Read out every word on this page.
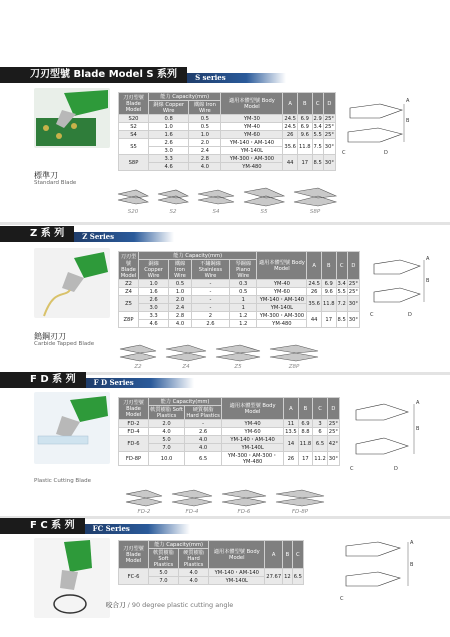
刀刃型號 Blade Model S 系列	S series
標準刀
Standard Blade
刀刃型號 Blade Model	能力 Capacity(mm)		適用本體型號 Body Model	A	B	C	D
	銅線 Copper Wire	鐵線 Iron Wire					
S20	0.8	0.5	YM-30	24.5	6.9	2.9	25°
S2	1.0	0.5	YM-40	24.5	6.9	3.4	25°
S4	1.6	1.0	YM-60	26	9.6	5.5	25°
S5	2.6	2.0	YM-140・AM-140	35.6	11.8	7.5	30°
	3.0	2.4	YM-140L				
S8P	3.3	2.8	YM-300・AM-300	44	17	8.5	30°
	4.6	4.0	YM-480				
A
B
C	D
S20	S2	S4	S5	S8P
Z 系 列	Z Series
鎢鋼刃刀
Carbide Tapped Blade
刀刃型號 Blade Model	能力 Capacity(mm)				適用本體型號 Body Model	A	B	C	D
	銅線 Copper Wire	鐵線 Iron Wire	不鏽鋼線 Stainless Wire	琴鋼線 Piano Wire					
Z2	1.0	0.5	-	0.3	YM-40	24.5	6.9	3.4	25°
Z4	1.6	1.0	-	0.5	YM-60	26	9.6	5.5	25°
Z5	2.6	2.0	-	1	YM-140・AM-140	35.6	11.8	7.2	30°
	3.0	2.4	-	1	YM-140L				
Z8P	3.3	2.8	2	1.2	YM-300・AM-300	44	17	8.5	30°
	4.6	4.0	2.6	1.2	YM-480				
A
B
C	D
Z2	Z4	Z5	Z8P
F D 系 列	F D Series
Plastic Cutting Blade
刀刃型號 Blade Model	能力 Capacity(mm)		適用本體型號 Body Model	A	B	C	D
	軟質樹脂 Soft Plastics	硬質樹脂 Hard Plastics					
FD-2	2.0	-	YM-40	11	6.9	3	25°
FD-4	4.0	2.6	YM-60	13.5	8.8	6	25°
FD-6	5.0	4.0	YM-140・AM-140	14	11.8	6.5	42°
	7.0	4.0	YM-140L				
FD-8P	10.0	6.5	YM-300・AM-300・YM-480	26	17	11.2	30°
A
B
C	D
FD-2	FD-4	FD-6	FD-8P
F C 系 列	FC Series
刀刃型號 Blade Model	能力 Capacity(mm)		適用本體型號 Body Model	A	B	C
	軟質樹脂 Soft Plastics	硬質樹脂 Hard Plastics				
FC-6	5.0	4.0	YM-140・AM-140	27.67	12	6.5
	7.0	4.0	YM-140L			
A
B
C
咬合刀 / 90 degree plastic cutting angle
